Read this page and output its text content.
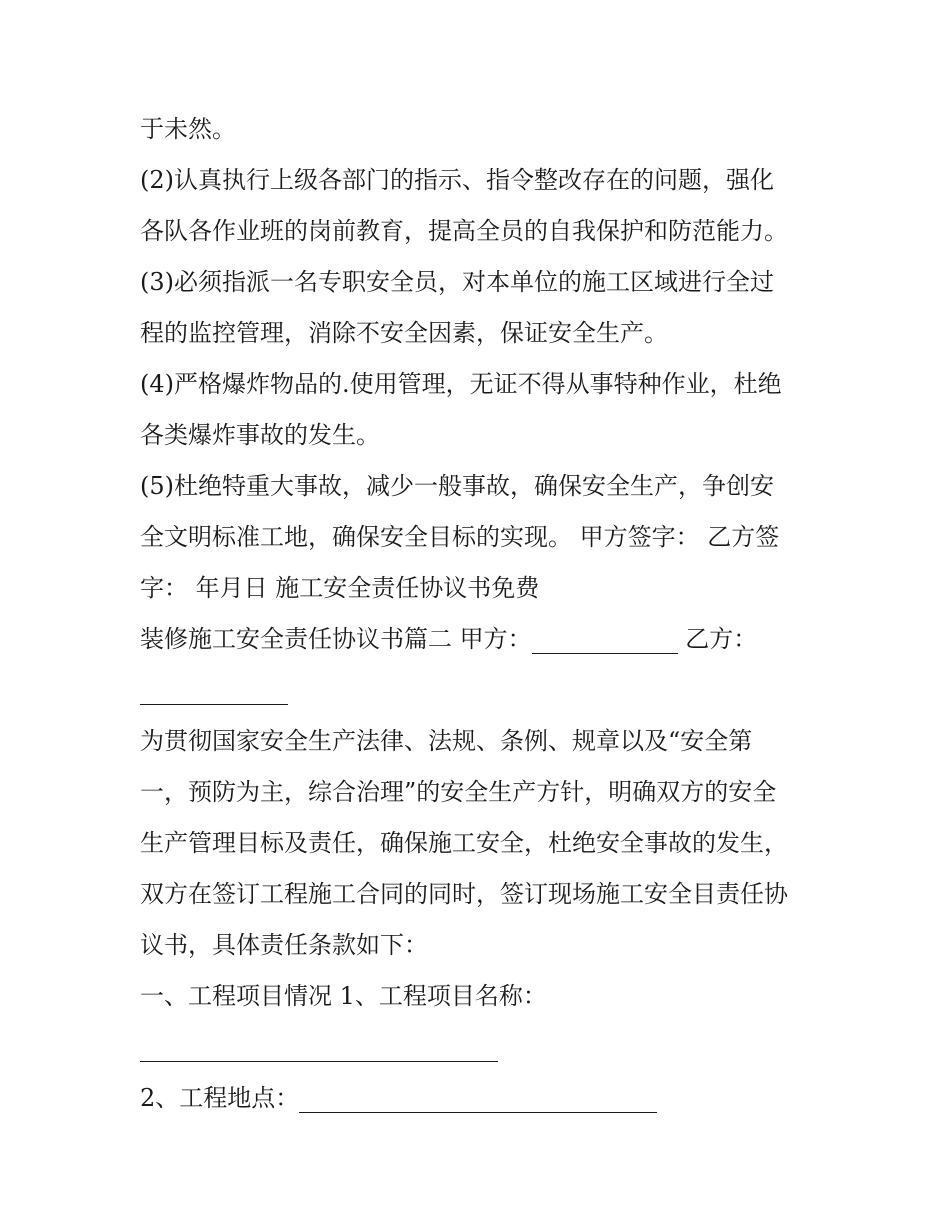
于未然。
(2)认真执行上级各部门的指示、指令整改存在的问题，强化
各队各作业班的岗前教育，提高全员的自我保护和防范能力。
(3)必须指派一名专职安全员，对本单位的施工区域进行全过
程的监控管理，消除不安全因素，保证安全生产。
(4)严格爆炸物品的.使用管理，无证不得从事特种作业，杜绝
各类爆炸事故的发生。
(5)杜绝特重大事故，减少一般事故，确保安全生产，争创安
全文明标准工地，确保安全目标的实现。 甲方签字： 乙方签
字： 年月日 施工安全责任协议书免费
装修施工安全责任协议书篇二 甲方：	乙方：
为贯彻国家安全生产法律、法规、条例、规章以及“安全第
一，预防为主，综合治理”的安全生产方针，明确双方的安全
生产管理目标及责任，确保施工安全，杜绝安全事故的发生，
双方在签订工程施工合同的同时，签订现场施工安全目责任协
议书，具体责任条款如下：
一、工程项目情况 1、工程项目名称：
2、工程地点：
